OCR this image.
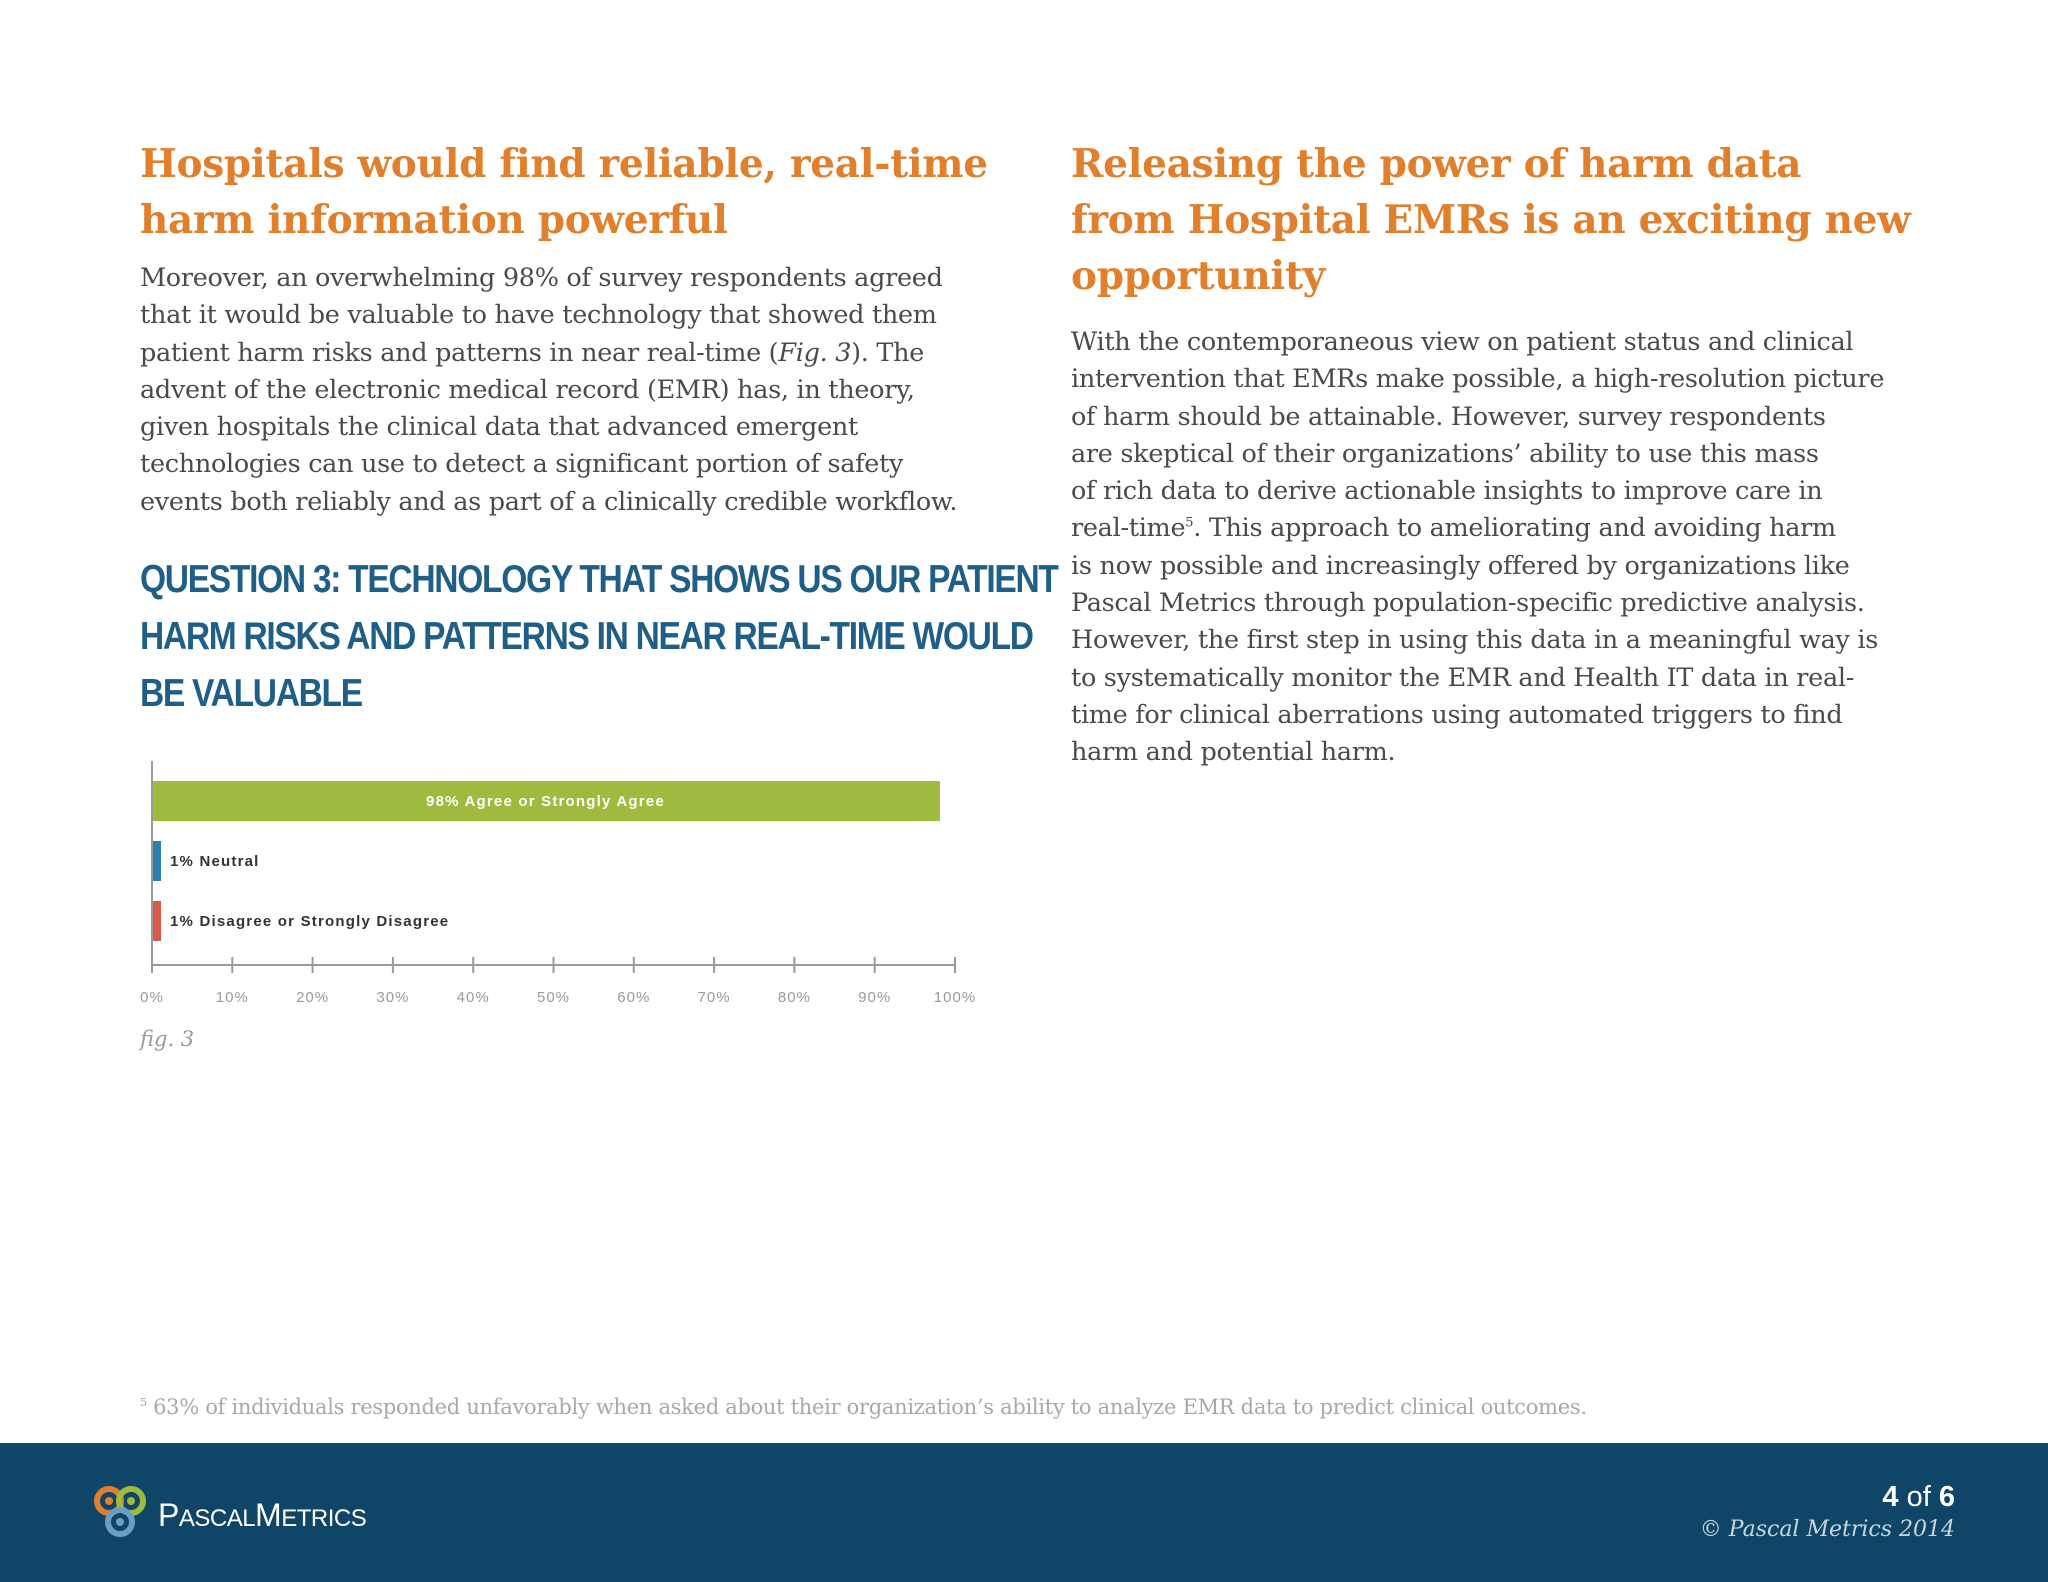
Hospitals would find reliable, real-time
harm information powerful
Moreover, an overwhelming 98% of survey respondents agreed
that it would be valuable to have technology that showed them
patient harm risks and patterns in near real-time (Fig. 3). The
advent of the electronic medical record (EMR) has, in theory,
given hospitals the clinical data that advanced emergent
technologies can use to detect a significant portion of safety
events both reliably and as part of a clinically credible workflow.
QUESTION 3: TECHNOLOGY THAT SHOWS US OUR PATIENT
HARM RISKS AND PATTERNS IN NEAR REAL-TIME WOULD
BE VALUABLE
0%	10%	20%	30%	40%	50%	60%	70%	80%	90%	100%
98% Agree or Strongly Agree
1% Neutral
1% Disagree or Strongly Disagree
fig. 3
Releasing the power of harm data
from Hospital EMRs is an exciting new
opportunity
With the contemporaneous view on patient status and clinical
intervention that EMRs make possible, a high-resolution picture
of harm should be attainable. However, survey respondents
are skeptical of their organizations’ ability to use this mass
of rich data to derive actionable insights to improve care in
real-time$^5$. This approach to ameliorating and avoiding harm
is now possible and increasingly offered by organizations like
Pascal Metrics through population-specific predictive analysis.
However, the first step in using this data in a meaningful way is
to systematically monitor the EMR and Health IT data in real-
time for clinical aberrations using automated triggers to find
harm and potential harm.
$^5$ 63% of individuals responded unfavorably when asked about their organization’s ability to analyze EMR data to predict clinical outcomes.
PASCALMETRICS
4 of 6
© Pascal Metrics 2014
